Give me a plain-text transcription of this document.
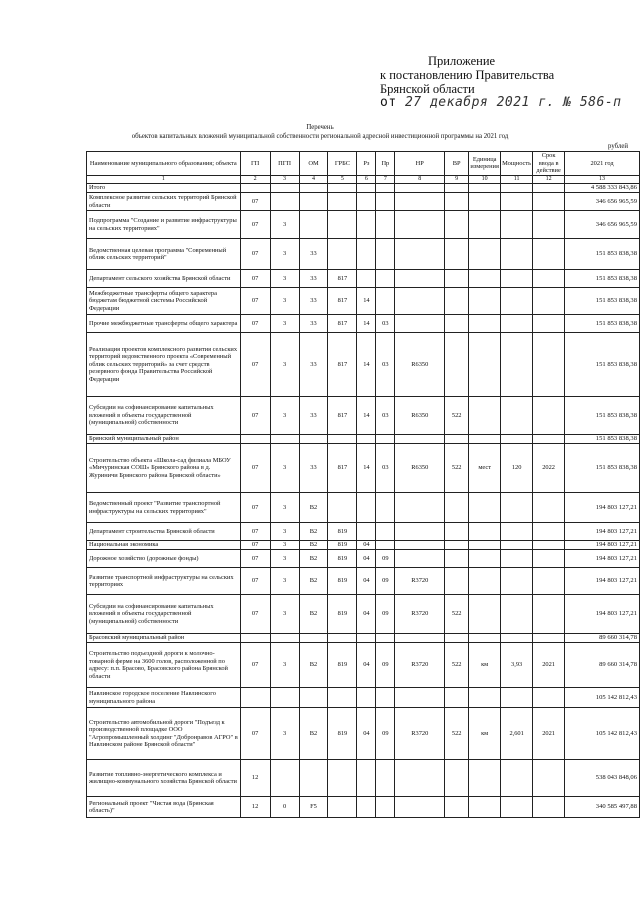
Приложение
к постановлению Правительства
Брянской области
от 27 декабря 2021 г. № 586-п
Перечень
объектов капитальных вложений муниципальной собственности региональной адресной инвестиционной программы на 2021 год
рублей
Наименование муниципального образования; объекта	ГП	ПГП	ОМ	ГРБС	Рз	Пр	НР	ВР	Единица измерения	Мощность	Срок ввода в действие	2021 год
1	2	3	4	5	6	7	8	9	10	11	12	13
Итого												4 588 333 843,86
Комплексное развитие сельских территорий Брянской области	07											346 656 965,59
Подпрограмма "Создание и развитие инфраструктуры на сельских территориях"	07	3										346 656 965,59
Ведомственная целевая программа "Современный облик сельских территорий"	07	3	33									151 853 838,38
Департамент сельского хозяйства Брянской области	07	3	33	817								151 853 838,38
Межбюджетные трансферты общего характера бюджетам бюджетной системы Российской Федерации	07	3	33	817	14							151 853 838,38
Прочие межбюджетные трансферты общего характера	07	3	33	817	14	03						151 853 838,38
Реализация проектов комплексного развития сельских территорий ведомственного проекта «Современный облик сельских территорий» за счет средств резервного фонда Правительства Российской Федерации	07	3	33	817	14	03	R6350					151 853 838,38
Субсидии на софинансирование капитальных вложений в объекты государственной (муниципальной) собственности	07	3	33	817	14	03	R6350	522				151 853 838,38
Брянский муниципальный район												151 853 838,38
Строительство объекта «Школа-сад филиала МБОУ «Мичуринская СОШ» Брянского района в д. Журиничи Брянского района Брянской области»	07	3	33	817	14	03	R6350	522	мест	120	2022	151 853 838,38
Ведомственный проект "Развитие транспортной инфраструктуры на сельских территориях"	07	3	В2									194 803 127,21
Департамент строительства Брянской области	07	3	В2	819								194 803 127,21
Национальная экономика	07	3	В2	819	04							194 803 127,21
Дорожное хозяйство (дорожные фонды)	07	3	В2	819	04	09						194 803 127,21
Развитие транспортной инфраструктуры на сельских территориях	07	3	В2	819	04	09	R3720					194 803 127,21
Субсидии на софинансирование капитальных вложений в объекты государственной (муниципальной) собственности	07	3	В2	819	04	09	R3720	522				194 803 127,21
Брасовский муниципальный район												89 660 314,78
Строительство подъездной дороги к молочно-товарной ферме на 3600 голов, расположенной по адресу: п.п. Брасово, Брасовского района Брянской области	07	3	В2	819	04	09	R3720	522	км	3,93	2021	89 660 314,78
Навлинское городское поселение Навлинского муниципального района												105 142 812,43
Строительство автомобильной дороги "Подъезд к производственной площадке ООО "Агропромышленный холдинг "Добронравов АГРО" в Навлинском районе Брянской области"	07	3	В2	819	04	09	R3720	522	км	2,601	2021	105 142 812,43
Развитие топливно-энергетического комплекса и жилищно-коммунального хозяйства Брянской области	12											538 043 848,06
Региональный проект "Чистая вода (Брянская область)"	12	0	F5									340 585 497,88
